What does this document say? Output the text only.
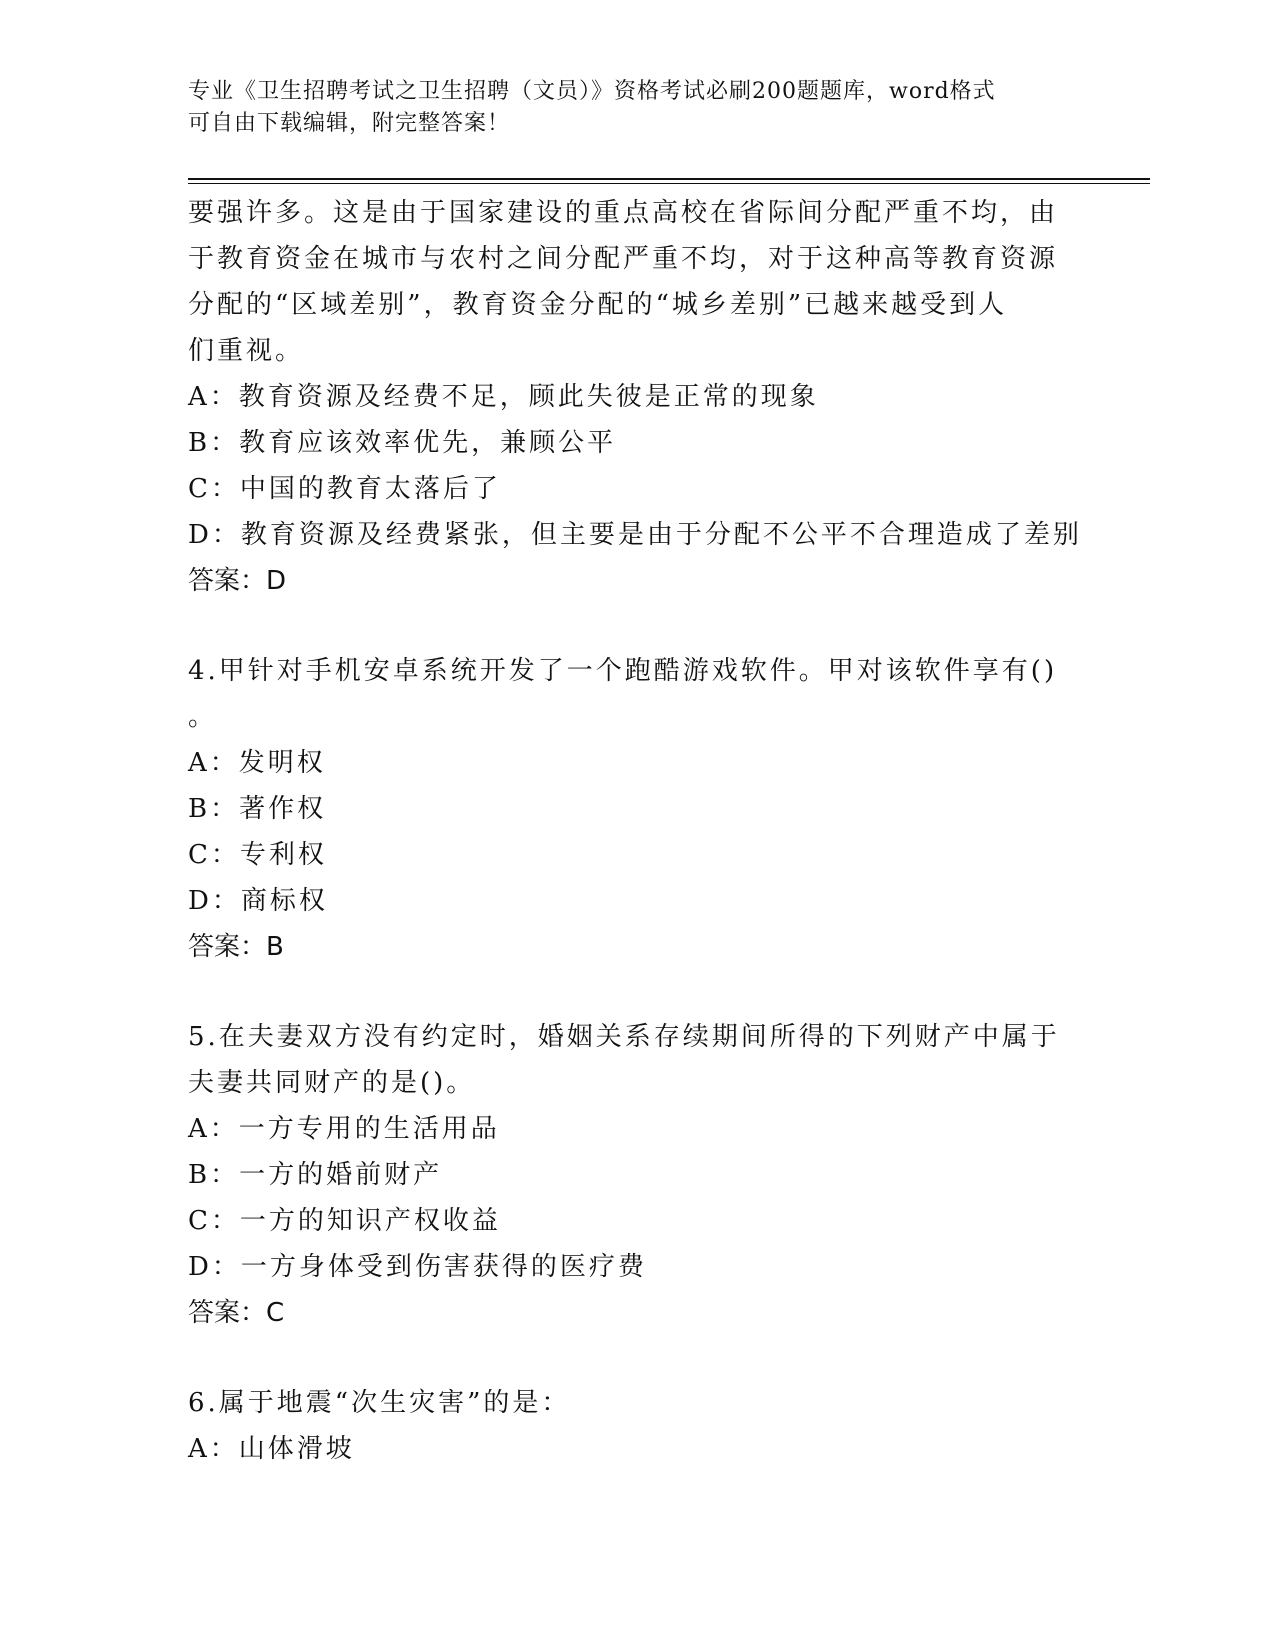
专业《卫生招聘考试之卫生招聘（文员）》资格考试必刷200题题库，word格式
可自由下载编辑，附完整答案！
要强许多。这是由于国家建设的重点高校在省际间分配严重不均，由
于教育资金在城市与农村之间分配严重不均，对于这种高等教育资源
分配的“区域差别”，教育资金分配的“城乡差别”已越来越受到人
们重视。
A：教育资源及经费不足，顾此失彼是正常的现象
B：教育应该效率优先，兼顾公平
C：中国的教育太落后了
D：教育资源及经费紧张，但主要是由于分配不公平不合理造成了差别
答案：D
4.甲针对手机安卓系统开发了一个跑酷游戏软件。甲对该软件享有()
。
A：发明权
B：著作权
C：专利权
D：商标权
答案：B
5.在夫妻双方没有约定时，婚姻关系存续期间所得的下列财产中属于
夫妻共同财产的是()。
A：一方专用的生活用品
B：一方的婚前财产
C：一方的知识产权收益
D：一方身体受到伤害获得的医疗费
答案：C
6.属于地震“次生灾害”的是：
A：山体滑坡
